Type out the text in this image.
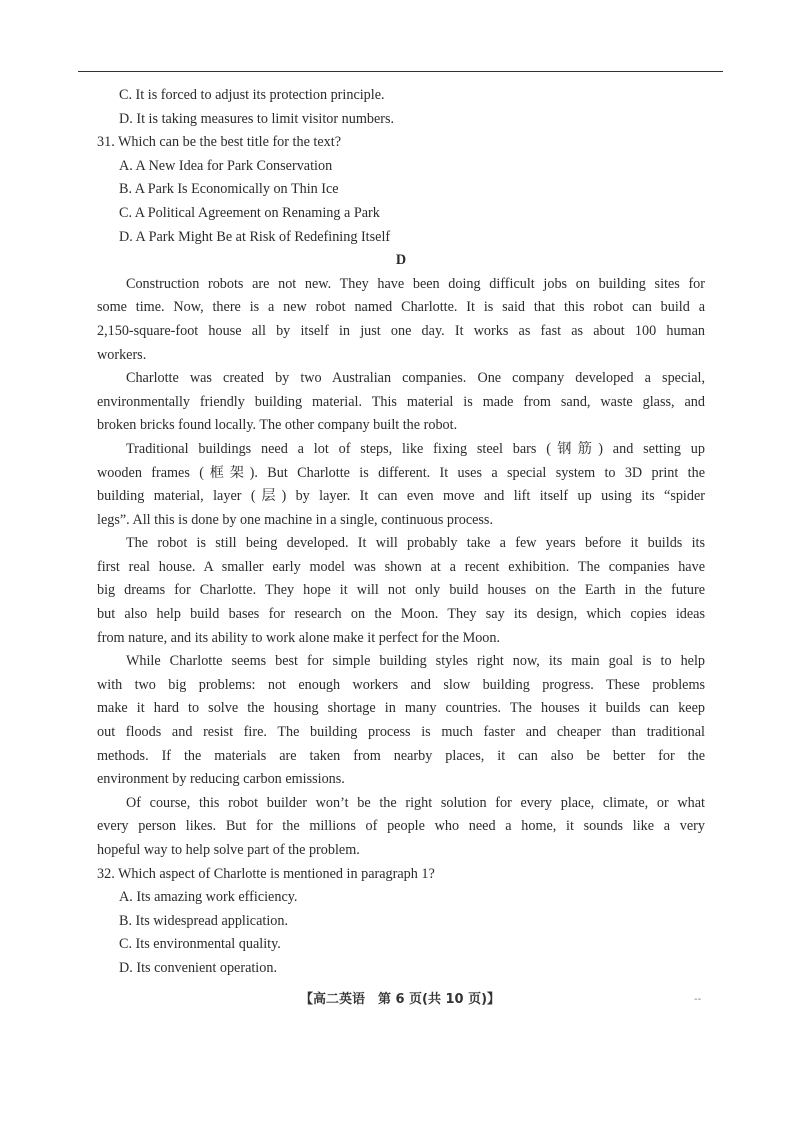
C. It is forced to adjust its protection principle.
D. It is taking measures to limit visitor numbers.
31. Which can be the best title for the text?
A. A New Idea for Park Conservation
B. A Park Is Economically on Thin Ice
C. A Political Agreement on Renaming a Park
D. A Park Might Be at Risk of Redefining Itself
D
Construction robots are not new. They have been doing difficult jobs on building sites for
some time. Now, there is a new robot named Charlotte. It is said that this robot can build a
2,150-square-foot house all by itself in just one day. It works as fast as about 100 human
workers.
Charlotte was created by two Australian companies. One company developed a special,
environmentally friendly building material. This material is made from sand, waste glass, and
broken bricks found locally. The other company built the robot.
Traditional buildings need a lot of steps, like fixing steel bars (钢筋) and setting up
wooden frames (框架). But Charlotte is different. It uses a special system to 3D print the
building material, layer (层) by layer. It can even move and lift itself up using its “spider
legs”. All this is done by one machine in a single, continuous process.
The robot is still being developed. It will probably take a few years before it builds its
first real house. A smaller early model was shown at a recent exhibition. The companies have
big dreams for Charlotte. They hope it will not only build houses on the Earth in the future
but also help build bases for research on the Moon. They say its design, which copies ideas
from nature, and its ability to work alone make it perfect for the Moon.
While Charlotte seems best for simple building styles right now, its main goal is to help
with two big problems: not enough workers and slow building progress. These problems
make it hard to solve the housing shortage in many countries. The houses it builds can keep
out floods and resist fire. The building process is much faster and cheaper than traditional
methods. If the materials are taken from nearby places, it can also be better for the
environment by reducing carbon emissions.
Of course, this robot builder won’t be the right solution for every place, climate, or what
every person likes. But for the millions of people who need a home, it sounds like a very
hopeful way to help solve part of the problem.
32. Which aspect of Charlotte is mentioned in paragraph 1?
A. Its amazing work efficiency.
B. Its widespread application.
C. Its environmental quality.
D. Its convenient operation.
【高二英语　第 6 页(共 10 页)】	--
